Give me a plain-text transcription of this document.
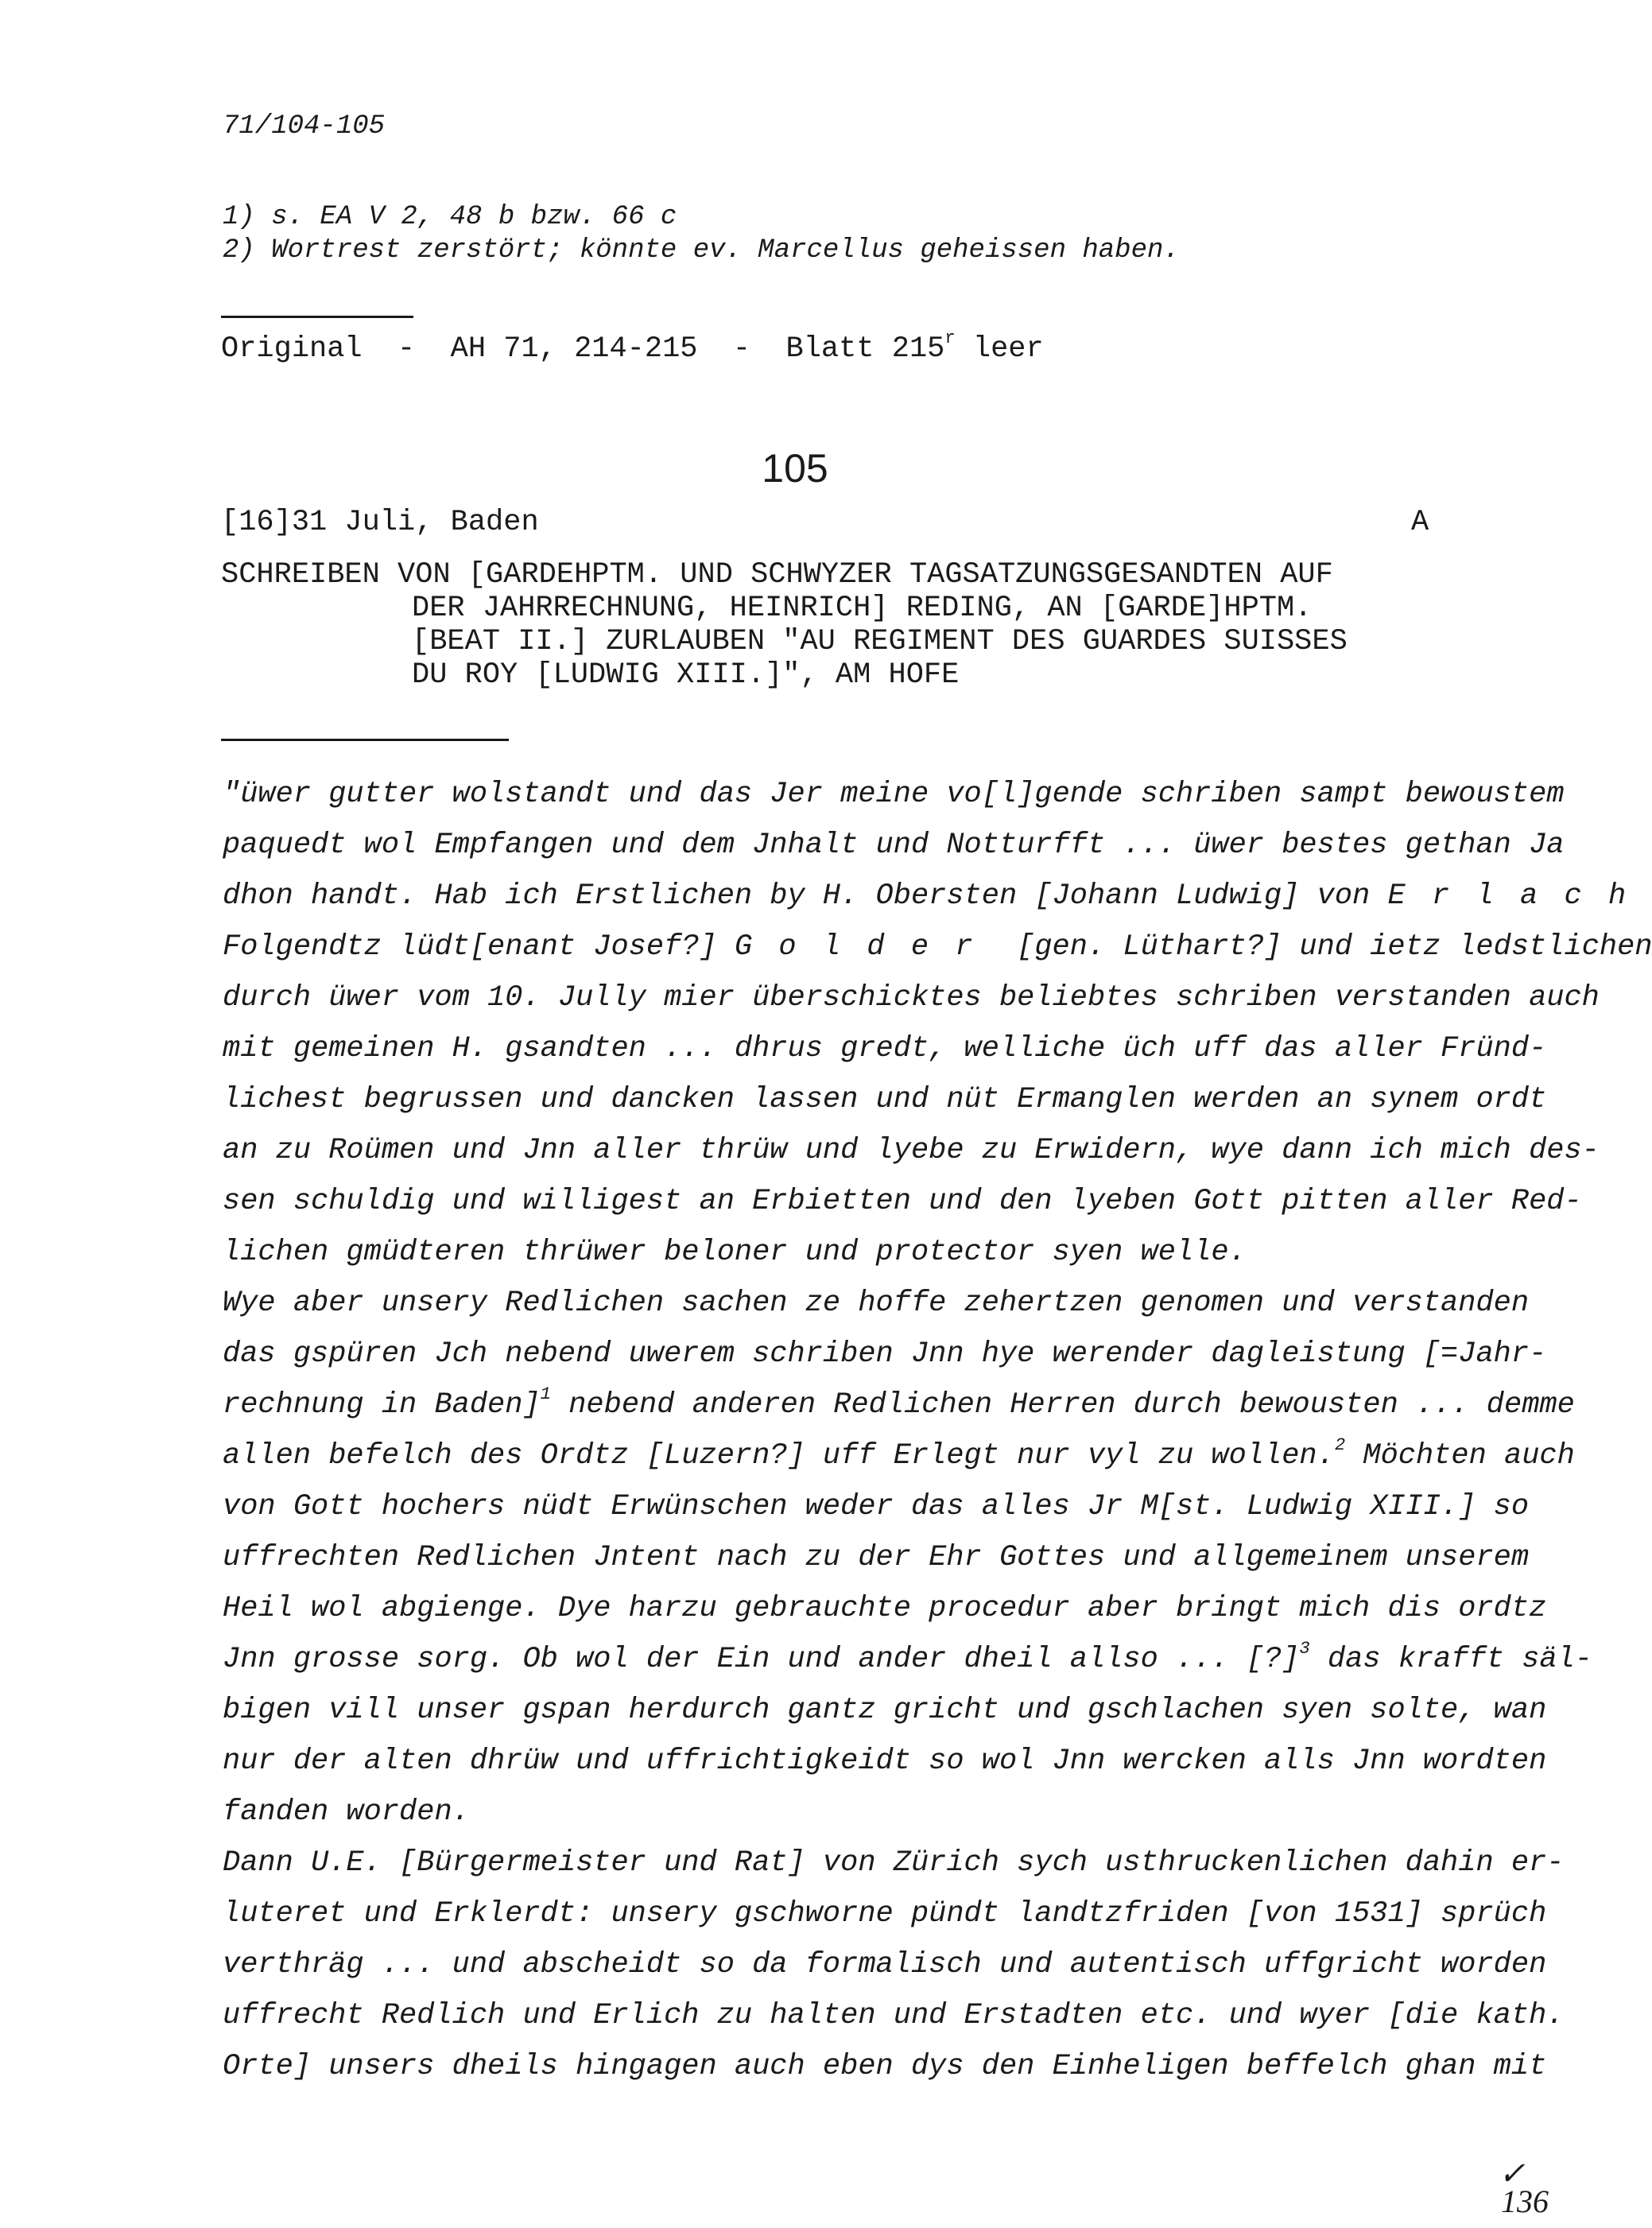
71/104-105
1) s. EA V 2, 48 b bzw. 66 c
2) Wortrest zerstört; könnte ev. Marcellus geheissen haben.
Original  -  AH 71, 214-215  -  Blatt 215$^r$ leer
105
[16]31 Juli, Baden	A
SCHREIBEN VON [GARDEHPTM. UND SCHWYZER TAGSATZUNGSGESANDTEN AUF
DER JAHRRECHNUNG, HEINRICH] REDING, AN [GARDE]HPTM.
[BEAT II.] ZURLAUBEN "AU REGIMENT DES GUARDES SUISSES
DU ROY [LUDWIG XIII.]", AM HOFE
"üwer gutter wolstandt und das Jer meine vo[l]gende schriben sampt bewoustem
paquedt wol Empfangen und dem Jnhalt und Notturfft ... üwer bestes gethan Ja
dhon handt. Hab ich Erstlichen by H. Obersten [Johann Ludwig] von Erlach
Folgendtz lüdt[enant Josef?] Golder [gen. Lüthart?] und ietz ledstlichen
durch üwer vom 10. Jully mier überschicktes beliebtes schriben verstanden auch
mit gemeinen H. gsandten ... dhrus gredt, welliche üch uff das aller Fründ-
lichest begrussen und dancken lassen und nüt Ermanglen werden an synem ordt
an zu Roümen und Jnn aller thrüw und lyebe zu Erwidern, wye dann ich mich des-
sen schuldig und willigest an Erbietten und den lyeben Gott pitten aller Red-
lichen gmüdteren thrüwer beloner und protector syen welle.
Wye aber unsery Redlichen sachen ze hoffe zehertzen genomen und verstanden
das gspüren Jch nebend uwerem schriben Jnn hye werender dagleistung [=Jahr-
rechnung in Baden]$^1$ nebend anderen Redlichen Herren durch bewousten ... demme
allen befelch des Ordtz [Luzern?] uff Erlegt nur vyl zu wollen.$^2$ Möchten auch
von Gott hochers nüdt Erwünschen weder das alles Jr M[st. Ludwig XIII.] so
uffrechten Redlichen Jntent nach zu der Ehr Gottes und allgemeinem unserem
Heil wol abgienge. Dye harzu gebrauchte procedur aber bringt mich dis ordtz
Jnn grosse sorg. Ob wol der Ein und ander dheil allso ... [?]$^3$ das krafft säl-
bigen vill unser gspan herdurch gantz gricht und gschlachen syen solte, wan
nur der alten dhrüw und uffrichtigkeidt so wol Jnn wercken alls Jnn wordten
fanden worden.
Dann U.E. [Bürgermeister und Rat] von Zürich sych usthruckenlichen dahin er-
luteret und Erklerdt: unsery gschworne pündt landtzfriden [von 1531] sprüch
verthräg ... und abscheidt so da formalisch und autentisch uffgricht worden
uffrecht Redlich und Erlich zu halten und Erstadten etc. und wyer [die kath.
Orte] unsers dheils hingagen auch eben dys den Einheligen beffelch ghan mit
✓
136
